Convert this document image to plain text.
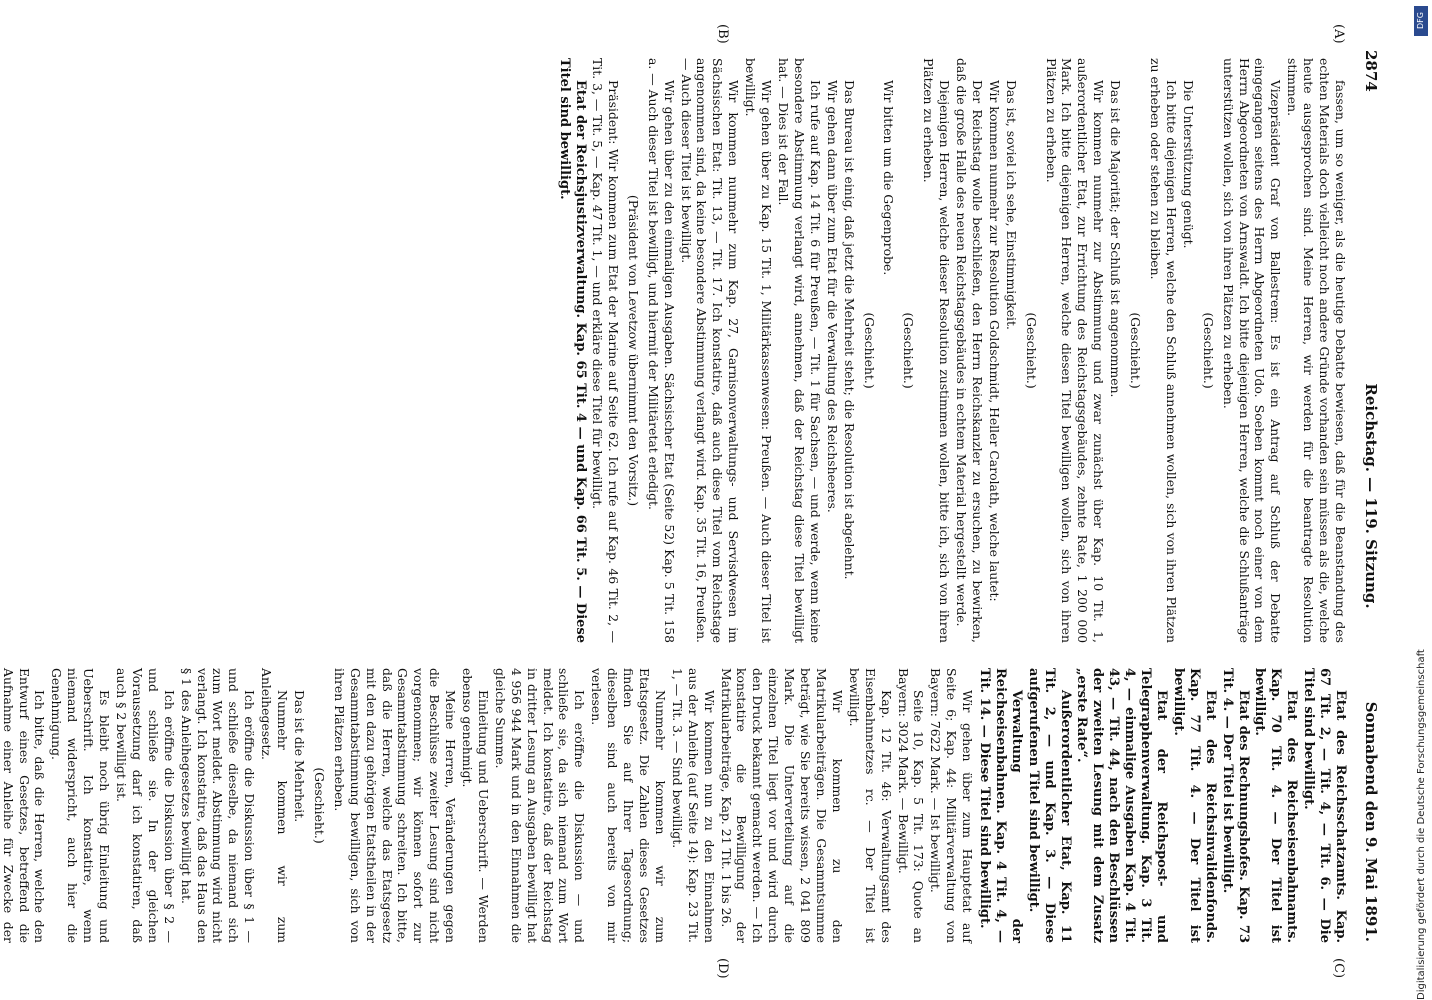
2874
Reichstag. — 119. Sitzung.
Sonnabend den 9. Mai 1891.
(A)
(B)
(C)
(D)

fassen, um so weniger, als die heutige Debatte bewiesen, daß für die Beanstandung des echten Materials doch vielleicht noch andere Gründe vorhanden sein müssen als die, welche heute ausgesprochen sind. Meine Herren, wir werden für die beantragte Resolution stimmen.

Vizepräsident Graf von Ballestrem: Es ist ein Antrag auf Schluß der Debatte eingegangen seitens des Herrn Abgeordneten Udo. Soeben kommt noch einer von dem Herrn Abgeordneten von Arnswaldt. Ich bitte diejenigen Herren, welche die Schlußanträge unterstützen wollen, sich von ihren Plätzen zu erheben.

(Geschieht.)

Die Unterstützung genügt.

Ich bitte diejenigen Herren, welche den Schluß annehmen wollen, sich von ihren Plätzen zu erheben oder stehen zu bleiben.

(Geschieht.)

Das ist die Majorität; der Schluß ist angenommen.

Wir kommen nunmehr zur Abstimmung und zwar zunächst über Kap. 10 Tit. 1, außerordentlicher Etat, zur Errichtung des Reichstagsgebäudes, zehnte Rate, 1 200 000 Mark. Ich bitte diejenigen Herren, welche diesen Titel bewilligen wollen, sich von ihren Plätzen zu erheben.

(Geschieht.)

Das ist, soviel ich sehe, Einstimmigkeit.

Wir kommen nunmehr zur Resolution Goldschmidt, Heller Carolath, welche lautet:

Der Reichstag wolle beschließen, den Herrn Reichskanzler zu ersuchen, zu bewirken, daß die große Halle des neuen Reichstagsgebäudes in echtem Material hergestellt werde.

Diejenigen Herren, welche dieser Resolution zustimmen wollen, bitte ich, sich von ihren Plätzen zu erheben.

(Geschieht.)

Wir bitten um die Gegenprobe.

(Geschieht.)

Das Bureau ist einig, daß jetzt die Mehrheit steht; die Resolution ist abgelehnt.

Wir gehen dann über zum Etat für die Verwaltung des Reichsheeres.

Ich rufe auf Kap. 14 Tit. 6 für Preußen, — Tit. 1 für Sachsen, — und werde, wenn keine besondere Abstimmung verlangt wird, annehmen, daß der Reichstag diese Titel bewilligt hat. — Dies ist der Fall.

Wir gehen über zu Kap. 15 Tit. 1, Militärkassenwesen: Preußen. — Auch dieser Titel ist bewilligt.

Wir kommen nunmehr zum Kap. 27, Garnisonverwaltungs- und Servisdwesen im Sächsischen Etat: Tit. 13, — Tit. 17. Ich konstatire, daß auch diese Titel vom Reichstage angenommen sind, da keine besondere Abstimmung verlangt wird. Kap. 35 Tit. 16, Preußen. — Auch dieser Titel ist bewilligt.

Wir gehen über zu den einmaligen Ausgaben. Sächsischer Etat (Seite 52) Kap. 5 Tit. 158 a. — Auch dieser Titel ist bewilligt, und hiermit der Militäretat erledigt.

(Präsident von Levetzow übernimmt den Vorsitz.)

Präsident: Wir kommen zum Etat der Marine auf Seite 62. Ich rufe auf Kap. 46 Tit. 2, — Tit. 3, — Tit. 5, — Kap. 47 Tit. 1, — und erkläre diese Titel für bewilligt.

Etat der Reichsjustizverwaltung. Kap. 65 Tit. 4 — und Kap. 66 Tit. 5. — Diese Titel sind bewilligt.

Etat des Reichsschatzamts. Kap. 67 Tit. 2, — Tit. 4, — Tit. 6. — Die Titel sind bewilligt.

Etat des Reichseisenbahnamts. Kap. 70 Tit. 4. — Der Titel ist bewilligt.

Etat des Rechnungshofes. Kap. 73 Tit. 4. — Der Titel ist bewilligt.

Etat des Reichsinvalidenfonds. Kap. 77 Tit. 4. — Der Titel ist bewilligt.

Etat der Reichspost- und Telegraphenverwaltung. Kap. 3 Tit. 4, — einmalige Ausgaben Kap. 4 Tit. 43, — Tit. 44, nach den Beschlüssen der zweiten Lesung mit dem Zusatz „erste Rate“.

Außerordentlicher Etat, Kap. 11 Tit. 2, — und Kap. 3. — Diese aufgerufenen Titel sind bewilligt.

Verwaltung der Reichseisenbahnen. Kap. 4 Tit. 4, — Tit. 14. — Diese Titel sind bewilligt.

Wir gehen über zum Hauptetat auf Seite 6; Kap. 44: Militärverwaltung von Bayern: 7622 Mark. — Ist bewilligt.

Seite 10, Kap. 5 Tit. 173: Quote an Bayern: 3024 Mark. — Bewilligt.

Kap. 12 Tit. 46: Verwaltungsamt des Eisenbahnnetzes rc. — Der Titel ist bewilligt.

Wir kommen zu den Matrikularbeiträgen. Die Gesammtsumme beträgt, wie Sie bereits wissen, 2 041 809 Mark. Die Unterverteilung auf die einzelnen Titel liegt vor und wird durch den Druck bekannt gemacht werden. — Ich konstatire die Bewilligung der Matrikularbeiträge, Kap. 21 Tit. 1 bis 26.

Wir kommen nun zu den Einnahmen aus der Anleihe (auf Seite 14): Kap. 23 Tit. 1, — Tit. 3. — Sind bewilligt.

Nunmehr kommen wir zum Etatsgesetz. Die Zahlen dieses Gesetzes finden Sie auf Ihrer Tagesordnung; dieselben sind auch bereits von mir verlesen.

Ich eröffne die Diskussion — und schließe sie, da sich niemand zum Wort meldet. Ich konstatire, daß der Reichstag in dritter Lesung an Ausgaben bewilligt hat 4 956 944 Mark und in den Einnahmen die gleiche Summe.

Einleitung und Ueberschrift. — Werden ebenso genehmigt.

Meine Herren, Veränderungen gegen die Beschlüsse zweiter Lesung sind nicht vorgenommen; wir können sofort zur Gesammtabstimmung schreiten. Ich bitte, daß die Herren, welche das Etatsgesetz mit den dazu gehörigen Etatstheilen in der Gesammtabstimmung bewilligen, sich von ihren Plätzen erheben.

(Geschieht.)

Das ist die Mehrheit.

Nunmehr kommen wir zum Anleihegesetz.

Ich eröffne die Diskussion über § 1 — und schließe dieselbe, da niemand sich zum Wort meldet. Abstimmung wird nicht verlangt. Ich konstatire, daß das Haus den § 1 des Anleihegesetzes bewilligt hat.

Ich eröffne die Diskussion über § 2 — und schließe sie. In der gleichen Voraussetzung darf ich konstatiren, daß auch § 2 bewilligt ist.

Es bleibt noch übrig Einleitung und Ueberschrift. Ich konstatire, wenn niemand widerspricht, auch hier die Genehmigung.

Ich bitte, daß die Herren, welche den Entwurf eines Gesetzes, betreffend die Aufnahme einer Anleihe für Zwecke der

DFG
Digitalisierung gefördert durch die Deutsche Forschungsgemeinschaft
